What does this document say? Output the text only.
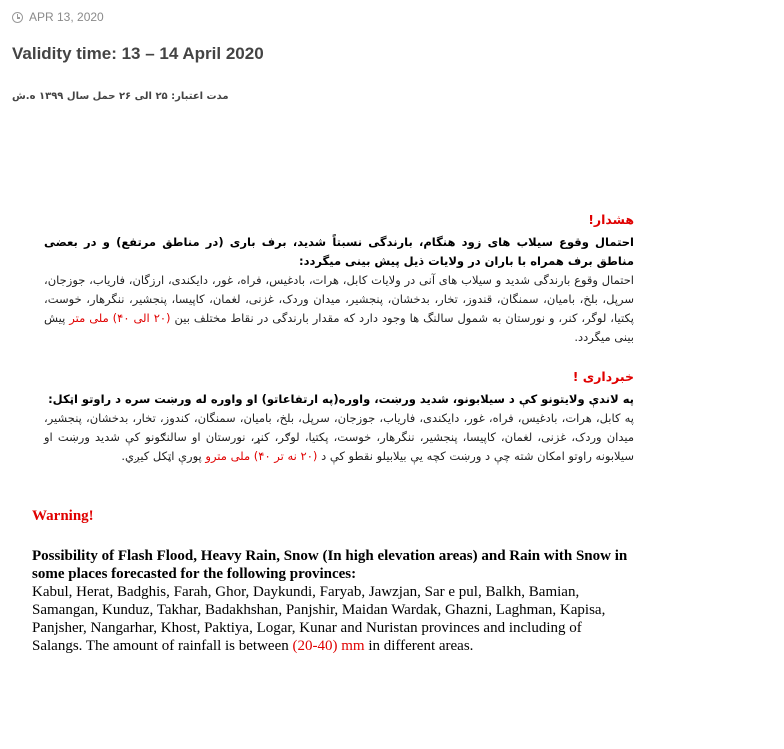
APR 13, 2020
Validity time: 13 – 14 April 2020
مدت اعتبار: ۲۵ الی ۲۶ حمل سال ۱۳۹۹ ه.ش
هشدار!
احتمال وقوع سیلاب های زود هنگام، بارندگی نسبتاً شدید، برف باری (در مناطق مرتفع) و در بعضی مناطق برف همراه با باران در ولایات ذیل پیش بینی میگردد:
احتمال وقوع بارندگی شدید و سیلاب های آنی در ولایات کابل، هرات، بادغیس، فراه، غور، دایکندی، ارزگان، فاریاب، جوزجان، سرپل، بلخ، بامیان، سمنگان، قندوز، تخار، بدخشان، پنجشیر، میدان وردک، غزنی، لغمان، کاپیسا، پنجشیر، ننگرهار، خوست، پکتیا، لوگر، کنر، و نورستان به شمول سالنگ ها وجود دارد که مقدار بارندگی در نقاط مختلف بین (۲۰ الی ۴۰) ملی متر پیش بینی میگردد.
خبرداری !
په لاندې ولایتونو کې د سیلابونو، شدید ورښت، واوره(په ارتفاعاتو) او واوره له ورښت سره د راوتو اټکل:
په کابل، هرات، بادغیس، فراه، غور، دایکندی، فاریاب، جوزجان، سرپل، بلخ، بامیان، سمنگان، کندوز، تخار، بدخشان، پنجشیر، میدان وردک، غزنی، لغمان، کاپیسا، پنجشیر، ننگرهار، خوست، پکتیا، لوګر، کنړ، نورستان او سالنګونو کې شدید ورښت او سیلابونه راوتو امکان شته چې د ورښت کچه یې بیلابیلو نقطو کې د (۲۰ نه تر ۴۰) ملی مترو پورې اټکل کیږي.

Warning!

Possibility of Flash Flood, Heavy Rain, Snow (In high elevation areas) and Rain with Snow in some places forecasted for the following provinces:

Kabul, Herat, Badghis, Farah, Ghor, Daykundi, Faryab, Jawzjan, Sar e pul, Balkh, Bamian, Samangan, Kunduz, Takhar, Badakhshan, Panjshir, Maidan Wardak, Ghazni, Laghman, Kapisa, Panjsher, Nangarhar, Khost, Paktiya, Logar, Kunar and Nuristan provinces and including of Salangs. The amount of rainfall is between (20-40) mm in different areas.
